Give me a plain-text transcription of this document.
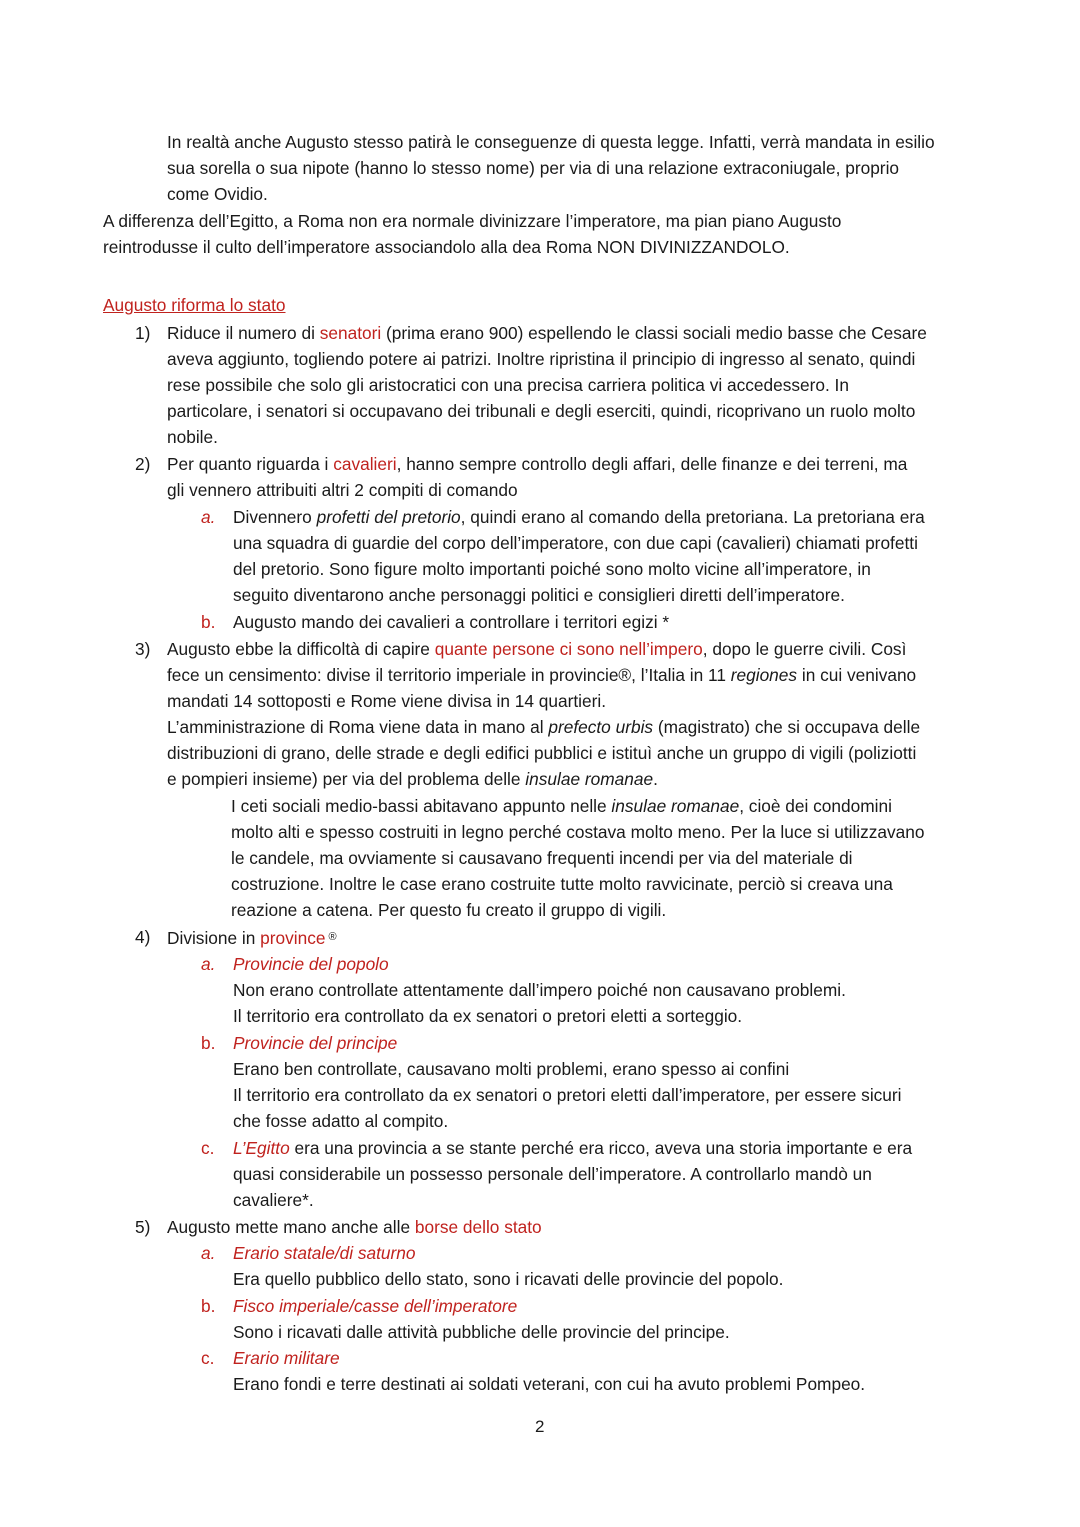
In realtà anche Augusto stesso patirà le conseguenze di questa legge. Infatti, verrà mandata in esilio
sua sorella o sua nipote (hanno lo stesso nome) per via di una relazione extraconiugale, proprio
come Ovidio.
A differenza dell’Egitto, a Roma non era normale divinizzare l’imperatore, ma pian piano Augusto
reintrodusse il culto dell’imperatore associandolo alla dea Roma NON DIVINIZZANDOLO.
Augusto riforma lo stato
1) Riduce il numero di senatori (prima erano 900) espellendo le classi sociali medio basse che Cesare
aveva aggiunto, togliendo potere ai patrizi. Inoltre ripristina il principio di ingresso al senato, quindi
rese possibile che solo gli aristocratici con una precisa carriera politica vi accedessero. In
particolare, i senatori si occupavano dei tribunali e degli eserciti, quindi, ricoprivano un ruolo molto
nobile.
2) Per quanto riguarda i cavalieri, hanno sempre controllo degli affari, delle finanze e dei terreni, ma
gli vennero attribuiti altri 2 compiti di comando
a. Divennero profetti del pretorio, quindi erano al comando della pretoriana. La pretoriana era
una squadra di guardie del corpo dell’imperatore, con due capi (cavalieri) chiamati profetti
del pretorio. Sono figure molto importanti poiché sono molto vicine all’imperatore, in
seguito diventarono anche personaggi politici e consiglieri diretti dell’imperatore.
b. Augusto mando dei cavalieri a controllare i territori egizi *
3) Augusto ebbe la difficoltà di capire quante persone ci sono nell’impero, dopo le guerre civili. Così
fece un censimento: divise il territorio imperiale in provincie®, l’Italia in 11 regiones in cui venivano
mandati 14 sottoposti e Rome viene divisa in 14 quartieri.
L’amministrazione di Roma viene data in mano al prefecto urbis (magistrato) che si occupava delle
distribuzioni di grano, delle strade e degli edifici pubblici e istituì anche un gruppo di vigili (poliziotti
e pompieri insieme) per via del problema delle insulae romanae.
I ceti sociali medio-bassi abitavano appunto nelle insulae romanae, cioè dei condomini
molto alti e spesso costruiti in legno perché costava molto meno. Per la luce si utilizzavano
le candele, ma ovviamente si causavano frequenti incendi per via del materiale di
costruzione. Inoltre le case erano costruite tutte molto ravvicinate, perciò si creava una
reazione a catena. Per questo fu creato il gruppo di vigili.
4) Divisione in province ®
a. Provincie del popolo
Non erano controllate attentamente dall’impero poiché non causavano problemi.
Il territorio era controllato da ex senatori o pretori eletti a sorteggio.
b. Provincie del principe
Erano ben controllate, causavano molti problemi, erano spesso ai confini
Il territorio era controllato da ex senatori o pretori eletti dall’imperatore, per essere sicuri
che fosse adatto al compito.
c. L’Egitto era una provincia a se stante perché era ricco, aveva una storia importante e era
quasi considerabile un possesso personale dell’imperatore. A controllarlo mandò un
cavaliere*.
5) Augusto mette mano anche alle borse dello stato
a. Erario statale/di saturno
Era quello pubblico dello stato, sono i ricavati delle provincie del popolo.
b. Fisco imperiale/casse dell’imperatore
Sono i ricavati dalle attività pubbliche delle provincie del principe.
c. Erario militare
Erano fondi e terre destinati ai soldati veterani, con cui ha avuto problemi Pompeo.
2
